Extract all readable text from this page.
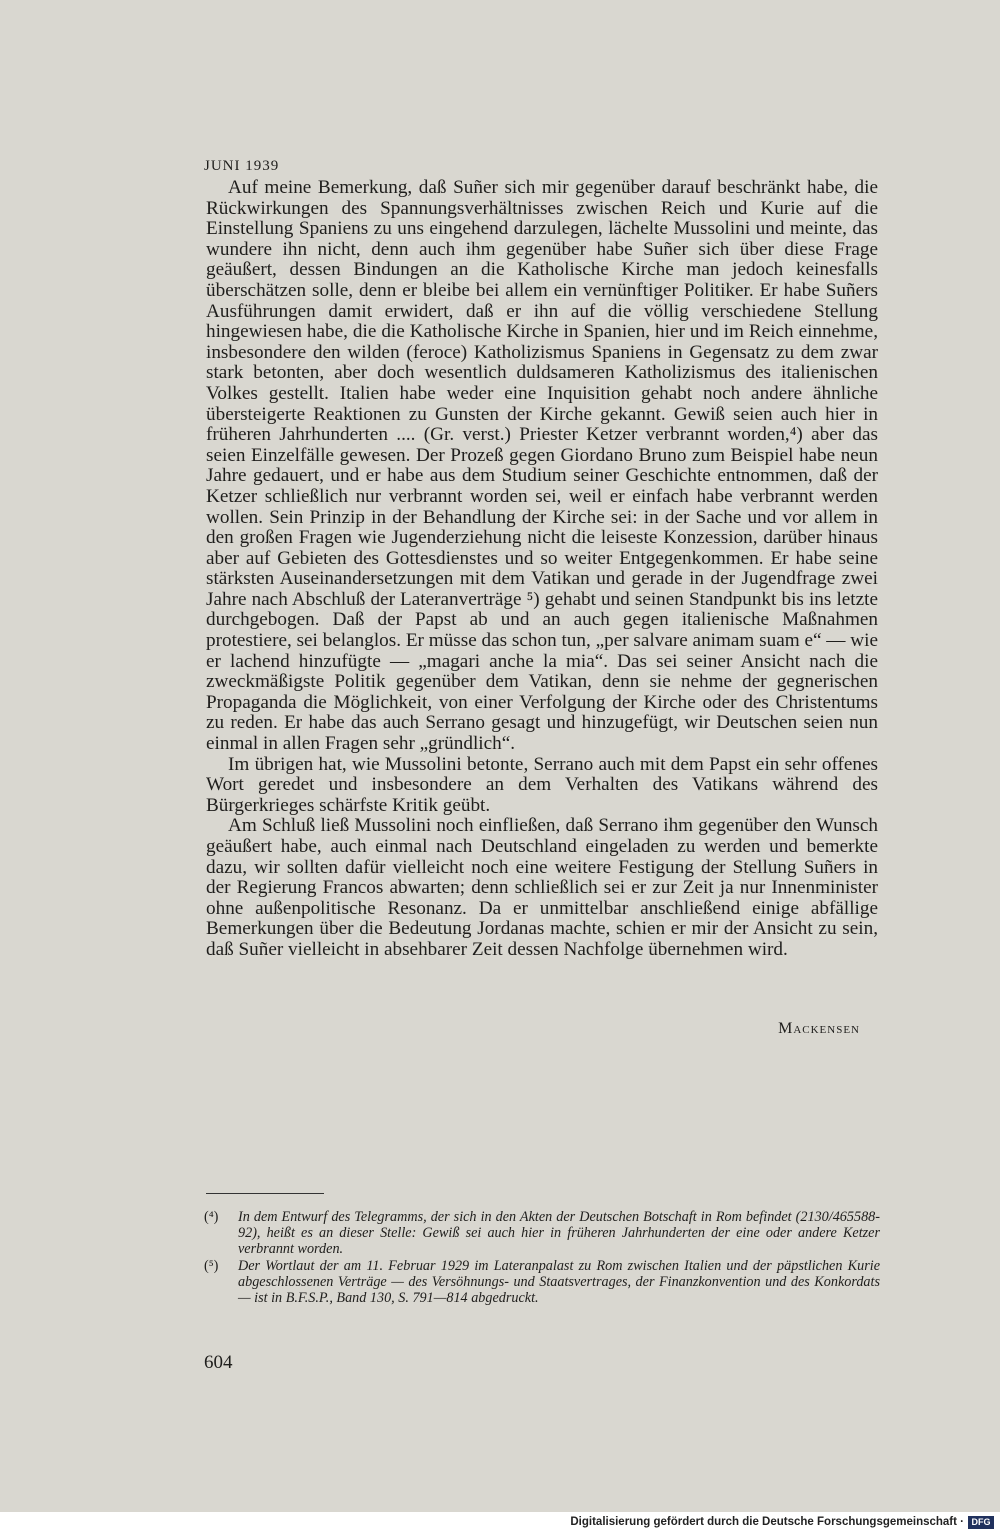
JUNI 1939

Auf meine Bemerkung, daß Suñer sich mir gegenüber darauf beschränkt habe, die Rückwirkungen des Spannungsverhältnisses zwischen Reich und Kurie auf die Einstellung Spaniens zu uns eingehend darzulegen, lächelte Mussolini und meinte, das wundere ihn nicht, denn auch ihm gegenüber habe Suñer sich über diese Frage geäußert, dessen Bindungen an die Katholische Kirche man jedoch keinesfalls überschätzen solle, denn er bleibe bei allem ein vernünftiger Politiker. Er habe Suñers Ausführungen damit erwidert, daß er ihn auf die völlig verschiedene Stellung hingewiesen habe, die die Katholische Kirche in Spanien, hier und im Reich einnehme, insbesondere den wilden (feroce) Katholizismus Spaniens in Gegensatz zu dem zwar stark betonten, aber doch wesentlich duldsameren Katholizismus des italienischen Volkes gestellt. Italien habe weder eine Inquisition gehabt noch andere ähnliche übersteigerte Reaktionen zu Gunsten der Kirche gekannt. Gewiß seien auch hier in früheren Jahrhunderten .... (Gr. verst.) Priester Ketzer verbrannt worden,⁴) aber das seien Einzelfälle gewesen. Der Prozeß gegen Giordano Bruno zum Beispiel habe neun Jahre gedauert, und er habe aus dem Studium seiner Geschichte entnommen, daß der Ketzer schließlich nur verbrannt worden sei, weil er einfach habe verbrannt werden wollen. Sein Prinzip in der Behandlung der Kirche sei: in der Sache und vor allem in den großen Fragen wie Jugenderziehung nicht die leiseste Konzession, darüber hinaus aber auf Gebieten des Gottesdienstes und so weiter Entgegenkommen. Er habe seine stärksten Auseinandersetzungen mit dem Vatikan und gerade in der Jugendfrage zwei Jahre nach Abschluß der Lateranverträge ⁵) gehabt und seinen Standpunkt bis ins letzte durchgebogen. Daß der Papst ab und an auch gegen italienische Maßnahmen protestiere, sei belanglos. Er müsse das schon tun, „per salvare animam suam e“ — wie er lachend hinzufügte — „magari anche la mia“. Das sei seiner Ansicht nach die zweckmäßigste Politik gegenüber dem Vatikan, denn sie nehme der gegnerischen Propaganda die Möglichkeit, von einer Verfolgung der Kirche oder des Christentums zu reden. Er habe das auch Serrano gesagt und hinzugefügt, wir Deutschen seien nun einmal in allen Fragen sehr „gründlich“.

Im übrigen hat, wie Mussolini betonte, Serrano auch mit dem Papst ein sehr offenes Wort geredet und insbesondere an dem Verhalten des Vatikans während des Bürgerkrieges schärfste Kritik geübt.

Am Schluß ließ Mussolini noch einfließen, daß Serrano ihm gegenüber den Wunsch geäußert habe, auch einmal nach Deutschland eingeladen zu werden und bemerkte dazu, wir sollten dafür vielleicht noch eine weitere Festigung der Stellung Suñers in der Regierung Francos abwarten; denn schließlich sei er zur Zeit ja nur Innenminister ohne außenpolitische Resonanz. Da er unmittelbar anschließend einige abfällige Bemerkungen über die Bedeutung Jordanas machte, schien er mir der Ansicht zu sein, daß Suñer vielleicht in absehbarer Zeit dessen Nachfolge übernehmen wird.

Mackensen
(⁴)	In dem Entwurf des Telegramms, der sich in den Akten der Deutschen Botschaft in Rom befindet (2130/465588-92), heißt es an dieser Stelle: Gewiß sei auch hier in früheren Jahrhunderten der eine oder andere Ketzer verbrannt worden.
(⁵)	Der Wortlaut der am 11. Februar 1929 im Lateranpalast zu Rom zwischen Italien und der päpstlichen Kurie abgeschlossenen Verträge — des Versöhnungs- und Staatsvertrages, der Finanzkonvention und des Konkordats — ist in B.F.S.P., Band 130, S. 791—814 abgedruckt.
604
Digitalisierung gefördert durch die Deutsche Forschungsgemeinschaft · DFG
